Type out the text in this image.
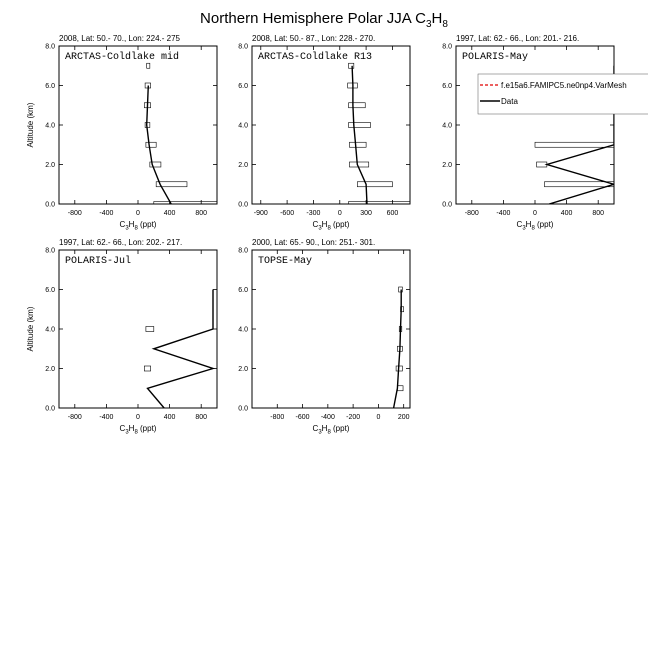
Northern Hemisphere Polar JJA $C_3H_8$
2008, Lat: 50.- 70., Lon: 224.- 275
-800	-400	0	400	800
0.0
2.0
4.0
6.0
8.0
$C_3H_8$ (ppt)
Altitude (km)
ARCTAS-Coldlake mid
2008, Lat: 50.- 87., Lon: 228.- 270.
-900 -600 -300 0	300 600
0.0
2.0
4.0
6.0
8.0
$C_3H_8$ (ppt)
ARCTAS-Coldlake R13
1997, Lat: 62.- 66., Lon: 201.- 216.
-800	-400	0	400	800
0.0
2.0
4.0
6.0
8.0
$C_3H_8$ (ppt)
POLARIS-May
f.e15a6.FAMIPC5.ne0np4.VarMesh
Data
1997, Lat: 62.- 66., Lon: 202.- 217.
-800	-400	0	400	800
0.0
2.0
4.0
6.0
8.0
$C_3H_8$ (ppt)
Altitude (km)
POLARIS-Jul
2000, Lat: 65.- 90., Lon: 251.- 301.
-800 -600 -400 -200 0 200
0.0
2.0
4.0
6.0
8.0
$C_3H_8$ (ppt)
TOPSE-May
